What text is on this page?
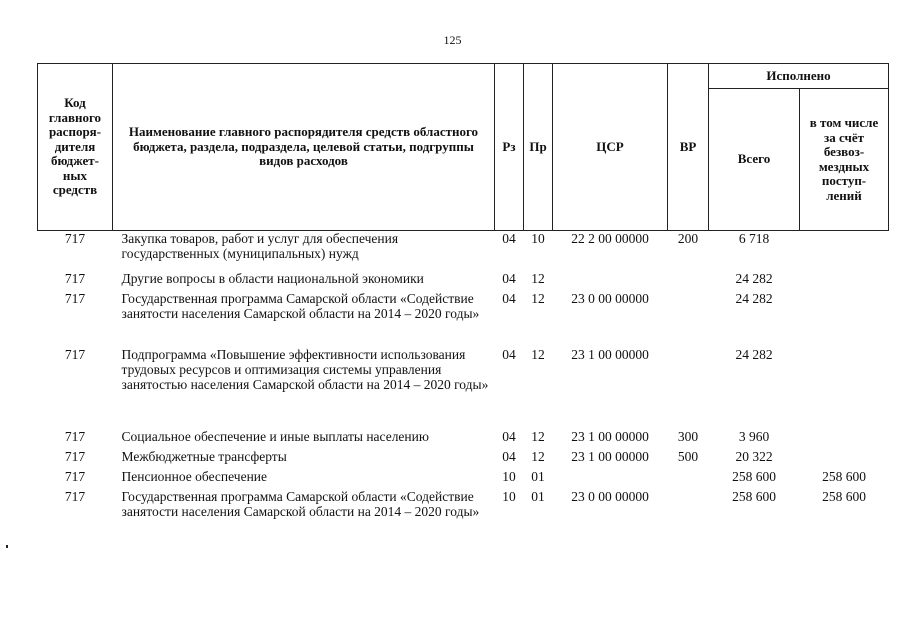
125
Код главного распоря-дителя бюджет-ных средств	Наименование главного распорядителя средств областного бюджета, раздела, подраздела, целевой статьи, подгруппы видов расходов	Рз	Пр	ЦСР	ВР	Исполнено	
						Всего	в том числе за счёт безвоз-мездных поступ-лений
717	Закупка товаров, работ и услуг для обеспечения государственных (муниципальных) нужд	04	10	22 2 00 00000	200	6 718	
717	Другие вопросы в области национальной экономики	04	12			24 282	
717	Государственная программа Самарской области «Содействие занятости населения Самарской области на 2014 – 2020 годы»	04	12	23 0 00 00000		24 282	
717	Подпрограмма «Повышение эффективности использования трудовых ресурсов и оптимизация системы управления занятостью населения Самарской области на 2014 – 2020 годы»	04	12	23 1 00 00000		24 282	
717	Социальное обеспечение и иные выплаты населению	04	12	23 1 00 00000	300	3 960	
717	Межбюджетные трансферты	04	12	23 1 00 00000	500	20 322	
717	Пенсионное обеспечение	10	01			258 600	258 600
717	Государственная программа Самарской области «Содействие занятости населения Самарской области на 2014 – 2020 годы»	10	01	23 0 00 00000		258 600	258 600
